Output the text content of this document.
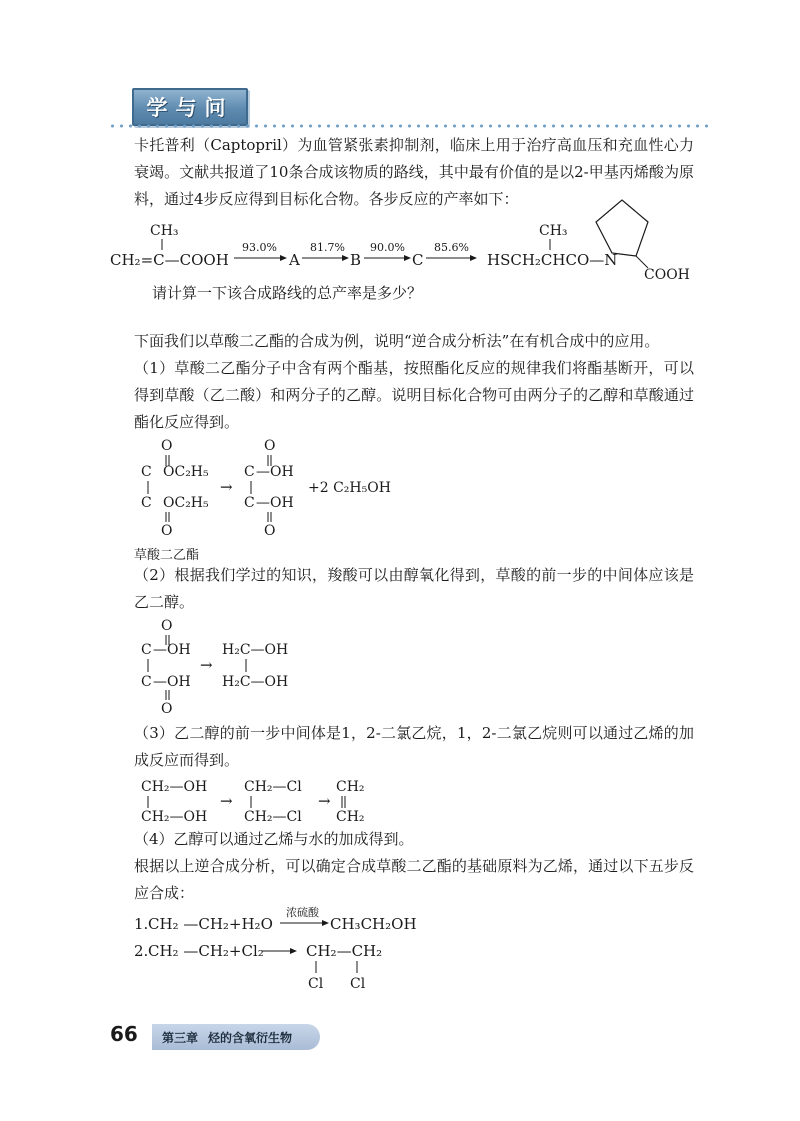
学与问

卡托普利（Captopril）为血管紧张素抑制剂，临床上用于治疗高血压和充血性心力衰竭。文献共报道了10条合成该物质的路线，其中最有价值的是以2-甲基丙烯酸为原料，通过4步反应得到目标化合物。各步反应的产率如下：

CH₃
CH₂=C—COOH
93.0%
A
81.7%
B
90.0%
C
85.6%
CH₃
HSCH₂CHCO—N
COOH

请计算一下该合成路线的总产率是多少？

下面我们以草酸二乙酯的合成为例，说明“逆合成分析法”在有机合成中的应用。

（1）草酸二乙酯分子中含有两个酯基，按照酯化反应的规律我们将酯基断开，可以得到草酸（乙二酸）和两分子的乙醇。说明目标化合物可由两分子的乙醇和草酸通过酯化反应得到。

O
C OC₂H₅
C OC₂H₅
O
→
O
C —OH
C —OH
O
+2 C₂H₅OH
草酸二乙酯

（2）根据我们学过的知识，羧酸可以由醇氧化得到，草酸的前一步的中间体应该是乙二醇。

O
C —OH
C —OH
O
→
H₂C—OH
H₂C—OH

（3）乙二醇的前一步中间体是1，2-二氯乙烷，1，2-二氯乙烷则可以通过乙烯的加成反应而得到。

CH₂—OH
CH₂—OH
→
CH₂—Cl
CH₂—Cl
→
CH₂
CH₂

（4）乙醇可以通过乙烯与水的加成得到。

根据以上逆合成分析，可以确定合成草酸二乙酯的基础原料为乙烯，通过以下五步反应合成：

1. CH₂ —CH₂+H₂O
浓硫酸
CH₃CH₂OH
2. CH₂ —CH₂+Cl₂	CH₂—CH₂
Cl Cl
66 第三章 烃的含氧衍生物
